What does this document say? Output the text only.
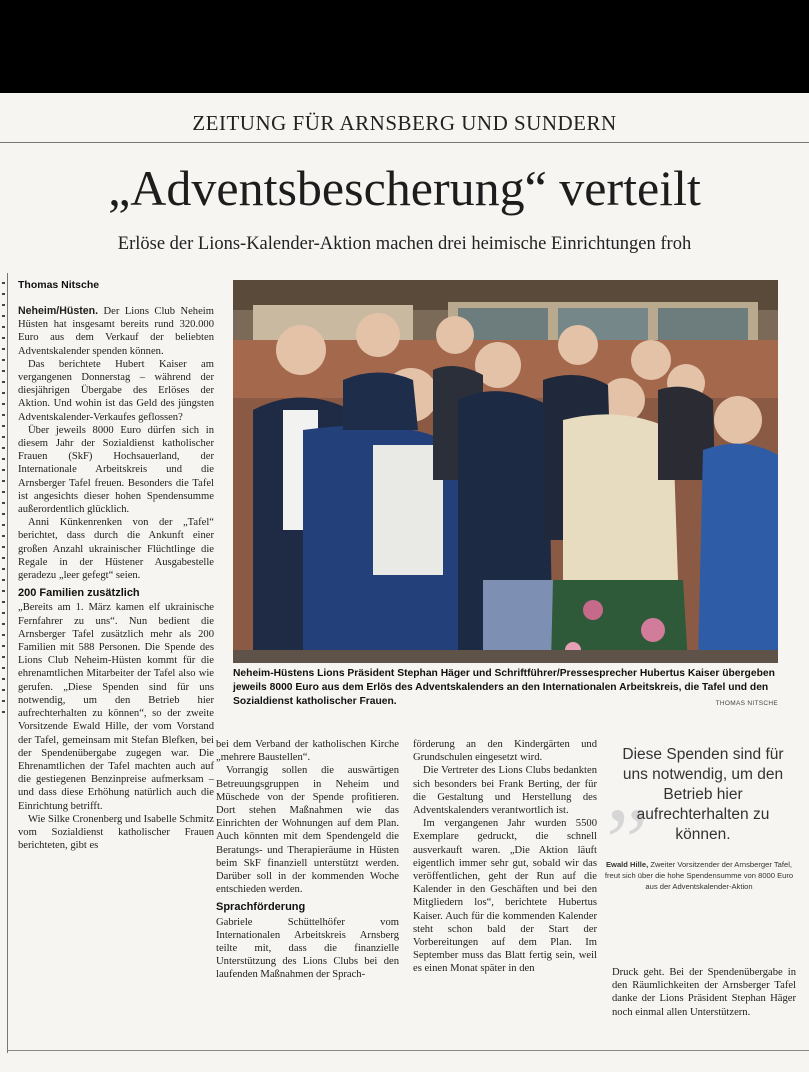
ZEITUNG FÜR ARNSBERG UND SUNDERN
„Adventsbescherung“ verteilt
Erlöse der Lions-Kalender-Aktion machen drei heimische Einrichtungen froh
Thomas Nitsche

Neheim/Hüsten. Der Lions Club Neheim Hüsten hat insgesamt bereits rund 320.000 Euro aus dem Verkauf der beliebten Adventskalender spenden können.

Das berichtete Hubert Kaiser am vergangenen Donnerstag – während der diesjährigen Übergabe des Erlöses der Aktion. Und wohin ist das Geld des jüngsten Adventskalender-Verkaufes geflossen?

Über jeweils 8000 Euro dürfen sich in diesem Jahr der Sozialdienst katholischer Frauen (SkF) Hochsauerland, der Internationale Arbeitskreis und die Arnsberger Tafel freuen. Besonders die Tafel ist angesichts dieser hohen Spendensumme außerordentlich glücklich.

Anni Künkenrenken von der „Tafel“ berichtet, dass durch die Ankunft einer großen Anzahl ukrainischer Flüchtlinge die Regale in der Hüstener Ausgabestelle geradezu „leer gefegt“ seien.

200 Familien zusätzlich

„Bereits am 1. März kamen elf ukrainische Fernfahrer zu uns“. Nun bedient die Arnsberger Tafel zusätzlich mehr als 200 Familien mit 588 Personen. Die Spende des Lions Club Neheim-Hüsten kommt für die ehrenamtlichen Mitarbeiter der Tafel also wie gerufen. „Diese Spenden sind für uns notwendig, um den Betrieb hier aufrechterhalten zu können“, so der zweite Vorsitzende Ewald Hille, der vom Vorstand der Tafel, gemeinsam mit Stefan Blefken, bei der Spendenübergabe zugegen war. Die Ehrenamtlichen der Tafel machten auch auf die gestiegenen Benzinpreise aufmerksam – und dass diese Erhöhung natürlich auch die Einrichtung betrifft.

Wie Silke Cronenberg und Isabelle Schmitz vom Sozialdienst katholischer Frauen berichteten, gibt es

Neheim-Hüstens Lions Präsident Stephan Häger und Schriftführer/Pressesprecher Hubertus Kaiser übergeben jeweils 8000 Euro aus dem Erlös des Adventskalenders an den Internationalen Arbeitskreis, die Tafel und den Sozialdienst katholischer Frauen.	THOMAS NITSCHE

bei dem Verband der katholischen Kirche „mehrere Baustellen“.

Vorrangig sollen die auswärtigen Betreuungsgruppen in Neheim und Müschede von der Spende profitieren. Dort stehen Maßnahmen wie das Einrichten der Wohnungen auf dem Plan. Auch könnten mit dem Spendengeld die Beratungs- und Therapieräume in Hüsten beim SkF finanziell unterstützt werden. Darüber soll in der kommenden Woche entschieden werden.

Sprachförderung

Gabriele Schüttelhöfer vom Internationalen Arbeitskreis Arnsberg teilte mit, dass die finanzielle Unterstützung des Lions Clubs bei den laufenden Maßnahmen der Sprach-

förderung an den Kindergärten und Grundschulen eingesetzt wird.

Die Vertreter des Lions Clubs bedankten sich besonders bei Frank Berting, der für die Gestaltung und Herstellung des Adventskalenders verantwortlich ist.

Im vergangenen Jahr wurden 5500 Exemplare gedruckt, die schnell ausverkauft waren. „Die Aktion läuft eigentlich immer sehr gut, sobald wir das veröffentlichen, geht der Run auf die Kalender in den Geschäften und bei den Mitgliedern los“, berichtete Hubertus Kaiser. Auch für die kommenden Kalender steht schon bald der Start der Vorbereitungen auf dem Plan. Im September muss das Blatt fertig sein, weil es einen Monat später in den

„
Diese Spenden sind für uns notwendig, um den Betrieb hier aufrechterhalten zu können.
Ewald Hille, Zweiter Vorsitzender der Arnsberger Tafel, freut sich über die hohe Spendensumme von 8000 Euro aus der Adventskalender-Aktion

Druck geht. Bei der Spendenübergabe in den Räumlichkeiten der Arnsberger Tafel danke der Lions Präsident Stephan Häger noch einmal allen Unterstützern.
